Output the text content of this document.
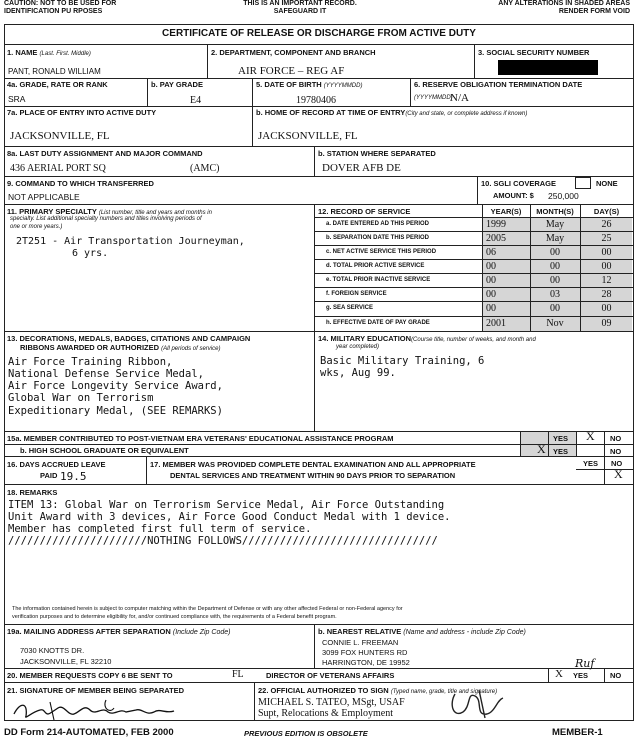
CAUTION: NOT TO BE USED FOR
IDENTIFICATION PU RPOSES
THIS IS AN IMPORTANT RECORD.
SAFEGUARD IT
ANY ALTERATIONS IN SHADED AREAS
RENDER FORM VOID
CERTIFICATE OF RELEASE OR DISCHARGE FROM ACTIVE DUTY
1. NAME (Last. First. Middle)
PANT, RONALD WILLIAM
2. DEPARTMENT, COMPONENT AND BRANCH
AIR FORCE – REG AF
3. SOCIAL SECURITY NUMBER
4a. GRADE, RATE OR RANK
SRA
b. PAY GRADE
E4
5. DATE OF BIRTH (YYYYMMDD)
19780406
6. RESERVE OBLIGATION TERMINATION DATE
(YYYYMMDD)
N/A
7a. PLACE OF ENTRY INTO ACTIVE DUTY
JACKSONVILLE, FL
b. HOME OF RECORD AT TIME OF ENTRY(City and state, or complete address if known)
JACKSONVILLE, FL
8a. LAST DUTY ASSIGNMENT AND MAJOR COMMAND
436 AERIAL PORT SQ	(AMC)
b. STATION WHERE SEPARATED
DOVER AFB DE
9. COMMAND TO WHICH TRANSFERRED
NOT APPLICABLE
10. SGLI COVERAGE	NONE
AMOUNT: $ 250,000
11. PRIMARY SPECIALTY (List number, title and years and months in
specialty. List additional specialty numbers and titles involving periods of
one or more years.)
2T251 - Air Transportation Journeyman,
6 yrs.
12. RECORD OF SERVICE	YEAR(S)	MONTH(S)	DAY(S)
a. DATE ENTERED AD THIS PERIOD	1999	May	26
b. SEPARATION DATE THIS PERIOD	2005	May	25
c. NET ACTIVE SERVICE THIS PERIOD	06	00	00
d. TOTAL PRIOR ACTIVE SERVICE	00	00	00
e. TOTAL PRIOR INACTIVE SERVICE	00	00	12
f. FOREIGN SERVICE	00	03	28
g. SEA SERVICE	00	00	00
h. EFFECTIVE DATE OF PAY GRADE	2001	Nov	09
13. DECORATIONS, MEDALS, BADGES, CITATIONS AND CAMPAIGN
RIBBONS AWARDED OR AUTHORIZED (All periods of service)
Air Force Training Ribbon,
National Defense Service Medal,
Air Force Longevity Service Award,
Global War on Terrorism
Expeditionary Medal, (SEE REMARKS)
14. MILITARY EDUCATION(Course title, number of weeks, and month and
year completed)
Basic Military Training, 6
wks, Aug 99.
15a. MEMBER CONTRIBUTED TO POST-VIETNAM ERA VETERANS' EDUCATIONAL ASSISTANCE PROGRAM	YES X NO
b. HIGH SCHOOL GRADUATE OR EQUIVALENT	X YES	NO
16. DAYS ACCRUED LEAVE
PAID 19.5
17. MEMBER WAS PROVIDED COMPLETE DENTAL EXAMINATION AND ALL APPROPRIATE
DENTAL SERVICES AND TREATMENT WITHIN 90 DAYS PRIOR TO SEPARATION
YES NO
X
18. REMARKS
ITEM 13: Global War on Terrorism Service Medal, Air Force Outstanding
Unit Award with 3 devices, Air Force Good Conduct Medal with 1 device.
Member has completed first full term of service.
//////////////////////NOTHING FOLLOWS///////////////////////////////
The information contained herein is subject to computer matching within the Department of Defense or with any other affected Federal or non-Federal agency for
verification purposes and to determine eligibility for, and/or continued compliance with, the requirements of a Federal benefit program.
19a. MAILING ADDRESS AFTER SEPARATION (Include Zip Code)
7030 KNOTTS DR.
JACKSONVILLE, FL 32210
b. NEAREST RELATIVE (Name and address - include Zip Code)
CONNIE L. FREEMAN
3099 FOX HUNTERS RD
HARRINGTON, DE 19952
20. MEMBER REQUESTS COPY 6 BE SENT TO	FL	DIRECTOR OF VETERANS AFFAIRS	X YES	NO
Ruf
21. SIGNATURE OF MEMBER BEING SEPARATED	22. OFFICIAL AUTHORIZED TO SIGN (Typed name, grade, title and signature)
MICHAEL S. TATEO, MSgt, USAF
Supt, Relocations & Employment
DD Form 214-AUTOMATED, FEB 2000	PREVIOUS EDITION IS OBSOLETE	MEMBER-1
